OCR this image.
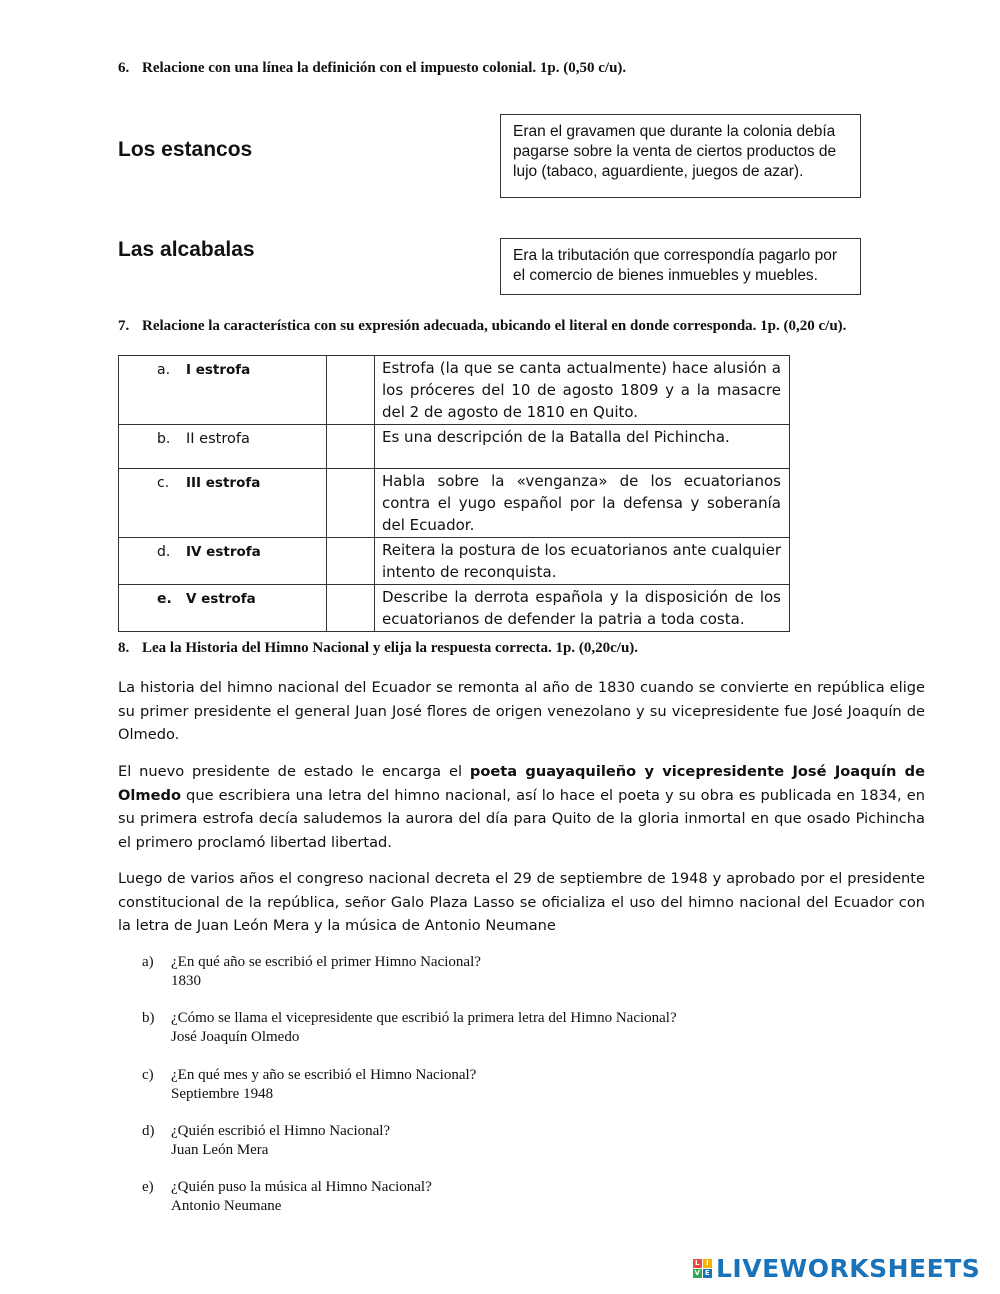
6. Relacione con una línea la definición con el impuesto colonial. 1p. (0,50 c/u).
Los estancos
Las alcabalas
Eran el gravamen que durante la colonia debía pagarse sobre la venta de ciertos productos de lujo (tabaco, aguardiente, juegos de azar).
Era la tributación que correspondía pagarlo por el comercio de bienes inmuebles y muebles.
7. Relacione la característica con su expresión adecuada, ubicando el literal en donde corresponda. 1p. (0,20 c/u).
a. I estrofa		Estrofa (la que se canta actualmente) hace alusión a los próceres del 10 de agosto 1809 y a la masacre del 2 de agosto de 1810 en Quito.

b. II estrofa		Es una descripción de la Batalla del Pichincha.

c. III estrofa		Habla sobre la «venganza» de los ecuatorianos contra el yugo español por la defensa y soberanía del Ecuador.

d. IV estrofa		Reitera la postura de los ecuatorianos ante cualquier intento de reconquista.

e. V estrofa		Describe la derrota española y la disposición de los ecuatorianos de defender la patria a toda costa.
8. Lea la Historia del Himno Nacional y elija la respuesta correcta. 1p. (0,20c/u).

La historia del himno nacional del Ecuador se remonta al año de 1830 cuando se convierte en república elige su primer presidente el general Juan José flores de origen venezolano y su vicepresidente fue José Joaquín de Olmedo.

El nuevo presidente de estado le encarga el poeta guayaquileño y vicepresidente José Joaquín de Olmedo que escribiera una letra del himno nacional, así lo hace el poeta y su obra es publicada en 1834, en su primera estrofa decía saludemos la aurora del día para Quito de la gloria inmortal en que osado Pichincha el primero proclamó libertad libertad.

Luego de varios años el congreso nacional decreta el 29 de septiembre de 1948 y aprobado por el presidente constitucional de la república, señor Galo Plaza Lasso se oficializa el uso del himno nacional del Ecuador con la letra de Juan León Mera y la música de Antonio Neumane

a) ¿En qué año se escribió el primer Himno Nacional?
1830
b) ¿Cómo se llama el vicepresidente que escribió la primera letra del Himno Nacional?
José Joaquín Olmedo
c) ¿En qué mes y año se escribió el Himno Nacional?
Septiembre 1948
d) ¿Quién escribió el Himno Nacional?
Juan León Mera
e) ¿Quién puso la música al Himno Nacional?
Antonio Neumane
L I
V E LIVEWORKSHEETS
